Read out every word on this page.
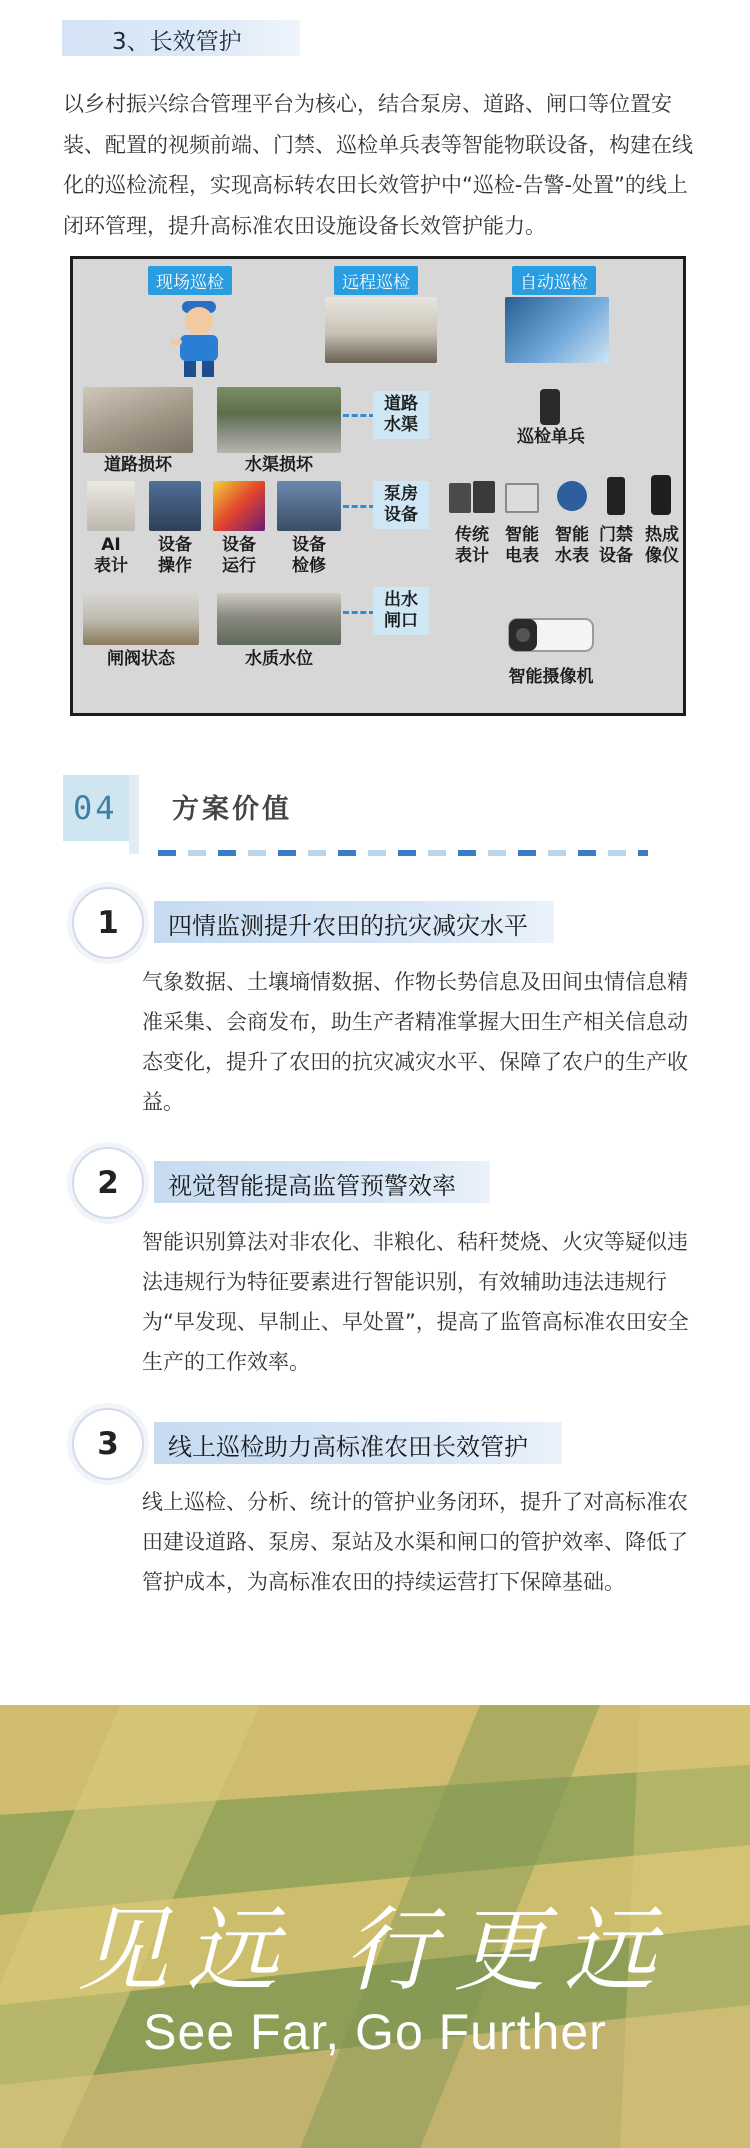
3、长效管护

以乡村振兴综合管理平台为核心，结合泵房、道路、闸口等位置安装、配置的视频前端、门禁、巡检单兵表等智能物联设备，构建在线化的巡检流程，实现高标转农田长效管护中“巡检-告警-处置”的线上闭环管理，提升高标准农田设施设备长效管护能力。

现场巡检	远程巡检	自动巡检
巡检单兵
道路损坏	水渠损坏
道路
水渠
AI
表计
设备
操作
设备
运行
设备
检修
泵房
设备
传统
表计
智能
电表
智能
水表
门禁
设备
热成
像仪
闸阀状态	水质水位
出水
闸口
智能摄像机
04 方案价值
1	四情监测提升农田的抗灾减灾水平

气象数据、土壤墒情数据、作物长势信息及田间虫情信息精准采集、会商发布，助生产者精准掌握大田生产相关信息动态变化，提升了农田的抗灾减灾水平、保障了农户的生产收益。

2	视觉智能提高监管预警效率

智能识别算法对非农化、非粮化、秸秆焚烧、火灾等疑似违法违规行为特征要素进行智能识别，有效辅助违法违规行为“早发现、早制止、早处置”，提高了监管高标准农田安全生产的工作效率。

3	线上巡检助力高标准农田长效管护

线上巡检、分析、统计的管护业务闭环，提升了对高标准农田建设道路、泵房、泵站及水渠和闸口的管护效率、降低了管护成本，为高标准农田的持续运营打下保障基础。

见远 行更远
See Far, Go Further
